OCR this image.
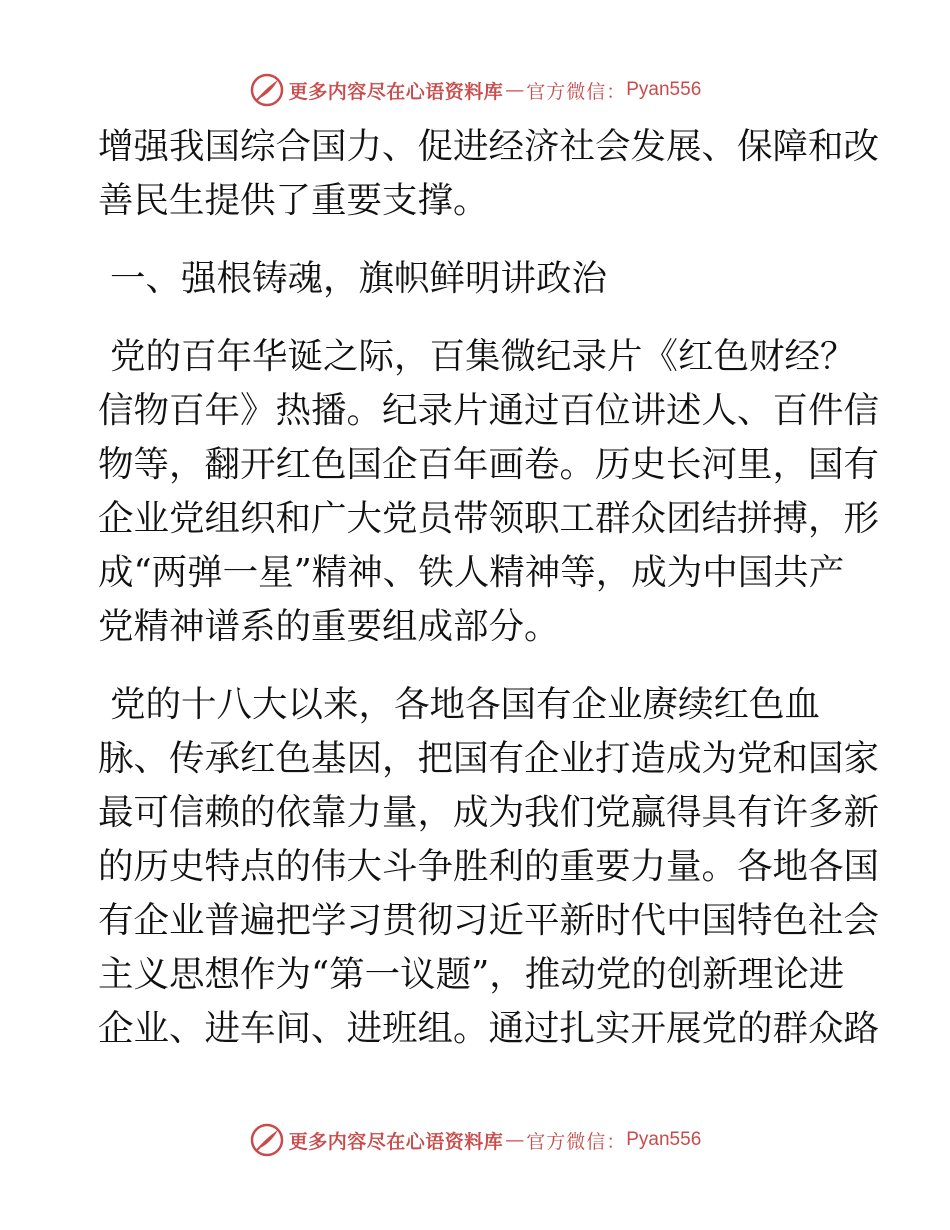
更多内容尽在心语资料库 — 官方微信： Pyan556
增强我国综合国力、促进经济社会发展、保障和改
善民生提供了重要支撑。
一、强根铸魂，旗帜鲜明讲政治
党的百年华诞之际，百集微纪录片《红色财经？
信物百年》热播。纪录片通过百位讲述人、百件信
物等，翻开红色国企百年画卷。历史长河里，国有
企业党组织和广大党员带领职工群众团结拼搏，形
成“两弹一星”精神、铁人精神等，成为中国共产
党精神谱系的重要组成部分。
党的十八大以来，各地各国有企业赓续红色血
脉、传承红色基因，把国有企业打造成为党和国家
最可信赖的依靠力量，成为我们党赢得具有许多新
的历史特点的伟大斗争胜利的重要力量。各地各国
有企业普遍把学习贯彻习近平新时代中国特色社会
主义思想作为“第一议题”，推动党的创新理论进
企业、进车间、进班组。通过扎实开展党的群众路
更多内容尽在心语资料库 — 官方微信： Pyan556
